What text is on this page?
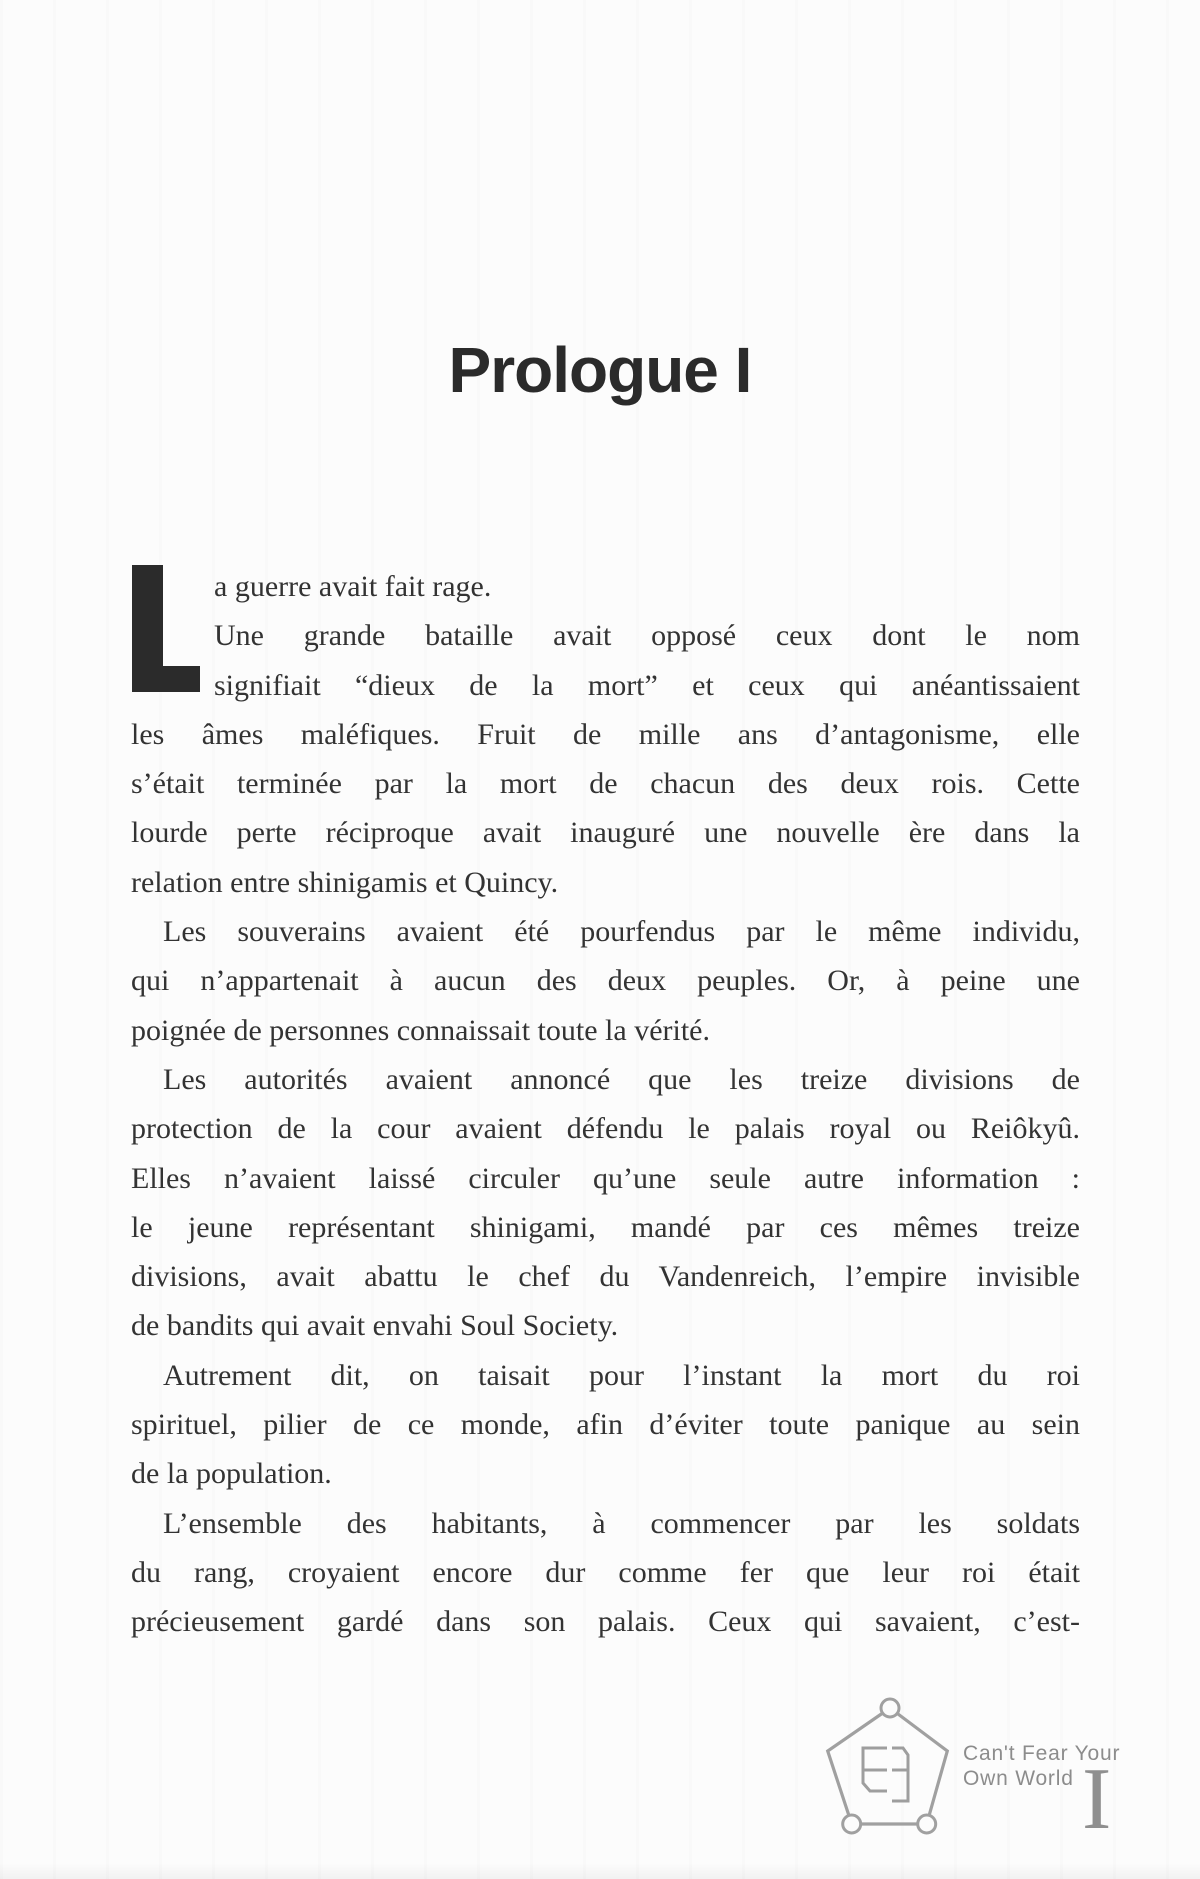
Prologue I
a guerre avait fait rage.
Une grande bataille avait opposé ceux dont le nom
signifiait “dieux de la mort” et ceux qui anéantissaient
les âmes maléfiques. Fruit de mille ans d’antagonisme, elle
s’était terminée par la mort de chacun des deux rois. Cette
lourde perte réciproque avait inauguré une nouvelle ère dans la
relation entre shinigamis et Quincy.
Les souverains avaient été pourfendus par le même individu,
qui n’appartenait à aucun des deux peuples. Or, à peine une
poignée de personnes connaissait toute la vérité.
Les autorités avaient annoncé que les treize divisions de
protection de la cour avaient défendu le palais royal ou Reiôkyû.
Elles n’avaient laissé circuler qu’une seule autre information :
le jeune représentant shinigami, mandé par ces mêmes treize
divisions, avait abattu le chef du Vandenreich, l’empire invisible
de bandits qui avait envahi Soul Society.
Autrement dit, on taisait pour l’instant la mort du roi
spirituel, pilier de ce monde, afin d’éviter toute panique au sein
de la population.
L’ensemble des habitants, à commencer par les soldats
du rang, croyaient encore dur comme fer que leur roi était
précieusement gardé dans son palais. Ceux qui savaient, c’est-
Can't Fear Your
Own World I
